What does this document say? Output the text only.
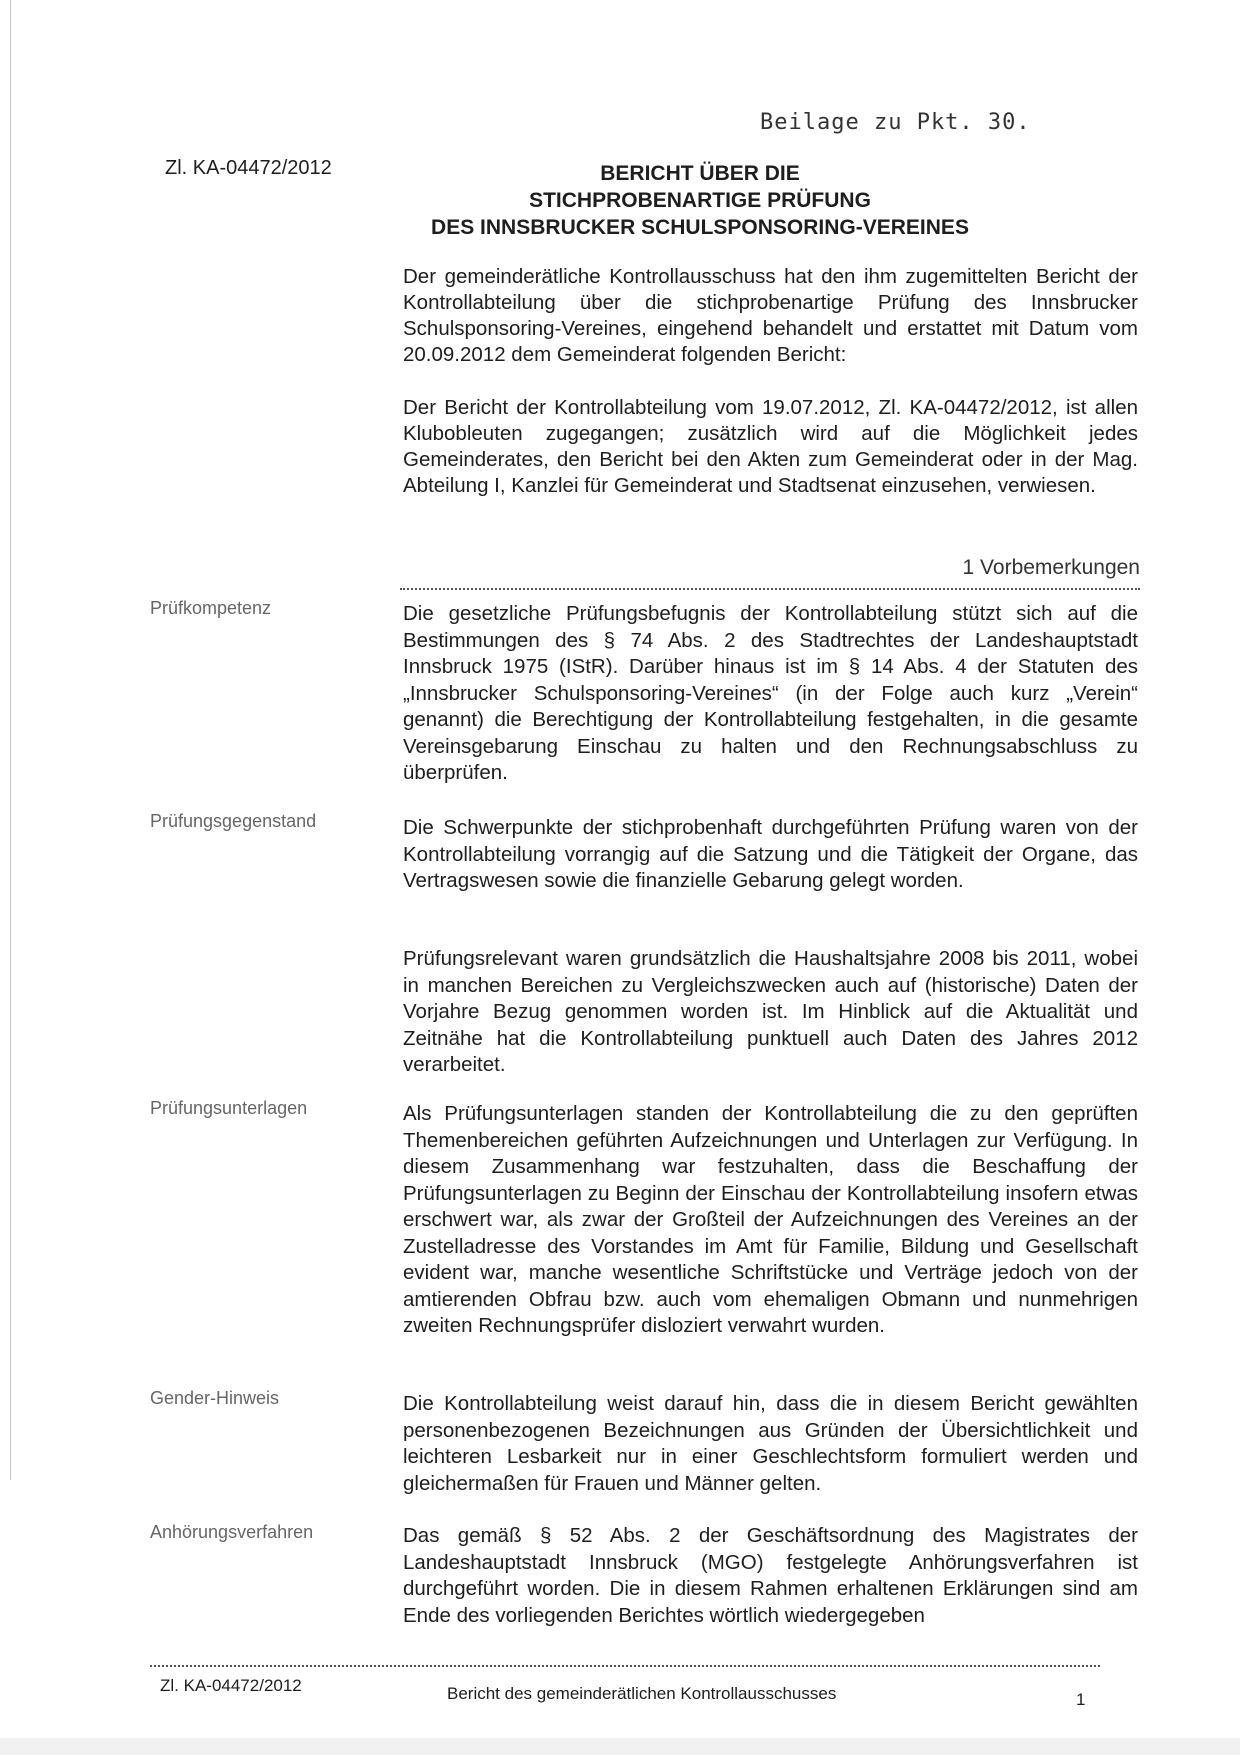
Beilage zu Pkt. 30.
Zl. KA-04472/2012	BERICHT ÜBER DIE
STICHPROBENARTIGE PRÜFUNG
DES INNSBRUCKER SCHULSPONSORING-VEREINES
Der gemeinderätliche Kontrollausschuss hat den ihm zugemittelten Bericht der Kontrollabteilung über die stichprobenartige Prüfung des Innsbrucker Schulsponsoring-Vereines, eingehend behandelt und erstattet mit Datum vom 20.09.2012 dem Gemeinderat folgenden Bericht:
Der Bericht der Kontrollabteilung vom 19.07.2012, Zl. KA-04472/2012, ist allen Klubobleuten zugegangen; zusätzlich wird auf die Möglichkeit jedes Gemeinderates, den Bericht bei den Akten zum Gemeinderat oder in der Mag. Abteilung I, Kanzlei für Gemeinderat und Stadtsenat einzusehen, verwiesen.
1 Vorbemerkungen
Prüfkompetenz	Die gesetzliche Prüfungsbefugnis der Kontrollabteilung stützt sich auf die Bestimmungen des § 74 Abs. 2 des Stadtrechtes der Landeshauptstadt Innsbruck 1975 (IStR). Darüber hinaus ist im § 14 Abs. 4 der Statuten des „Innsbrucker Schulsponsoring-Vereines“ (in der Folge auch kurz „Verein“ genannt) die Berechtigung der Kontrollabteilung festgehalten, in die gesamte Vereinsgebarung Einschau zu halten und den Rechnungsabschluss zu überprüfen.
Prüfungsgegenstand	Die Schwerpunkte der stichprobenhaft durchgeführten Prüfung waren von der Kontrollabteilung vorrangig auf die Satzung und die Tätigkeit der Organe, das Vertragswesen sowie die finanzielle Gebarung gelegt worden.
Prüfungsrelevant waren grundsätzlich die Haushaltsjahre 2008 bis 2011, wobei in manchen Bereichen zu Vergleichszwecken auch auf (historische) Daten der Vorjahre Bezug genommen worden ist. Im Hinblick auf die Aktualität und Zeitnähe hat die Kontrollabteilung punktuell auch Daten des Jahres 2012 verarbeitet.
Prüfungsunterlagen	Als Prüfungsunterlagen standen der Kontrollabteilung die zu den geprüften Themenbereichen geführten Aufzeichnungen und Unterlagen zur Verfügung. In diesem Zusammenhang war festzuhalten, dass die Beschaffung der Prüfungsunterlagen zu Beginn der Einschau der Kontrollabteilung insofern etwas erschwert war, als zwar der Großteil der Aufzeichnungen des Vereines an der Zustelladresse des Vorstandes im Amt für Familie, Bildung und Gesellschaft evident war, manche wesentliche Schriftstücke und Verträge jedoch von der amtierenden Obfrau bzw. auch vom ehemaligen Obmann und nunmehrigen zweiten Rechnungsprüfer disloziert verwahrt wurden.
Gender-Hinweis	Die Kontrollabteilung weist darauf hin, dass die in diesem Bericht gewählten personenbezogenen Bezeichnungen aus Gründen der Übersichtlichkeit und leichteren Lesbarkeit nur in einer Geschlechtsform formuliert werden und gleichermaßen für Frauen und Männer gelten.
Anhörungsverfahren	Das gemäß § 52 Abs. 2 der Geschäftsordnung des Magistrates der Landeshauptstadt Innsbruck (MGO) festgelegte Anhörungsverfahren ist durchgeführt worden. Die in diesem Rahmen erhaltenen Erklärungen sind am Ende des vorliegenden Berichtes wörtlich wiedergegeben
Zl. KA-04472/2012	Bericht des gemeinderätlichen Kontrollausschusses	1
